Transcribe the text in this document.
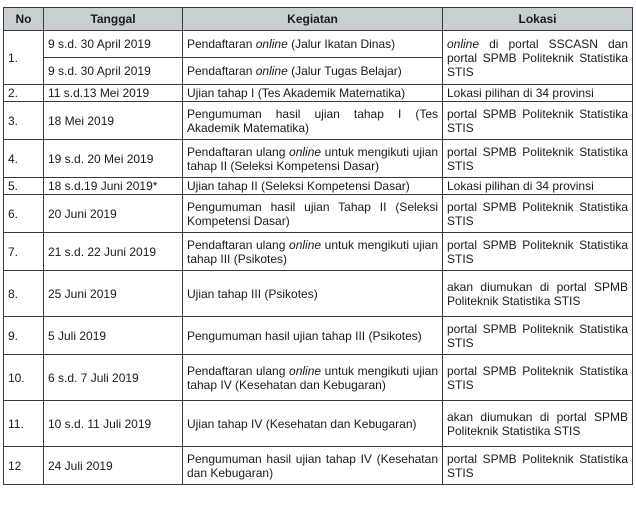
No	Tanggal	Kegiatan	Lokasi
1.	9 s.d. 30 April 2019	Pendaftaran online (Jalur Ikatan Dinas)	online di portal SSCASN dan portal SPMB Politeknik Statistika STIS
	9 s.d. 30 April 2019	Pendaftaran online (Jalur Tugas Belajar)	
2.	11 s.d.13 Mei 2019	Ujian tahap I (Tes Akademik Matematika)	Lokasi pilihan di 34 provinsi
3.	18 Mei 2019	Pengumuman hasil ujian tahap I (Tes Akademik Matematika)	portal SPMB Politeknik Statistika STIS
4.	19 s.d. 20 Mei 2019	Pendaftaran ulang online untuk mengikuti ujian tahap II (Seleksi Kompetensi Dasar)	portal SPMB Politeknik Statistika STIS
5.	18 s.d.19 Juni 2019*	Ujian tahap II (Seleksi Kompetensi Dasar)	Lokasi pilihan di 34 provinsi
6.	20 Juni 2019	Pengumuman hasil ujian Tahap II (Seleksi Kompetensi Dasar)	portal SPMB Politeknik Statistika STIS
7.	21 s.d. 22 Juni 2019	Pendaftaran ulang online untuk mengikuti ujian tahap III (Psikotes)	portal SPMB Politeknik Statistika STIS
8.	25 Juni 2019	Ujian tahap III (Psikotes)	akan diumukan di portal SPMB Politeknik Statistika STIS
9.	5 Juli 2019	Pengumuman hasil ujian tahap III (Psikotes)	portal SPMB Politeknik Statistika STIS
10.	6 s.d. 7 Juli 2019	Pendaftaran ulang online untuk mengikuti ujian tahap IV (Kesehatan dan Kebugaran)	portal SPMB Politeknik Statistika STIS
11.	10 s.d. 11 Juli 2019	Ujian tahap IV (Kesehatan dan Kebugaran)	akan diumukan di portal SPMB Politeknik Statistika STIS
12	24 Juli 2019	Pengumuman hasil ujian tahap IV (Kesehatan dan Kebugaran)	portal SPMB Politeknik Statistika STIS
